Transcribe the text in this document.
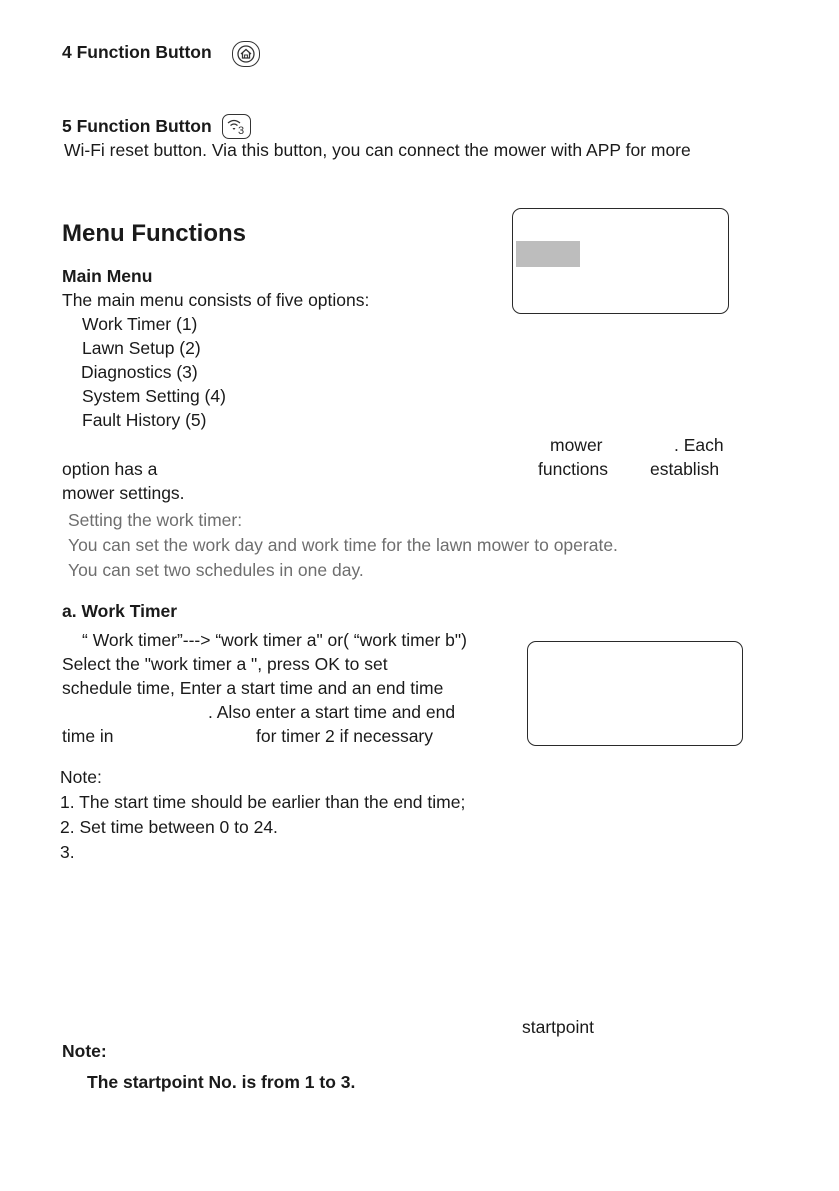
4 Function Button
5 Function Button 3
Wi-Fi reset button. Via this button, you can connect the mower with APP for more
Menu Functions
Main Menu
The main menu consists of five options:
Work Timer (1)
Lawn Setup (2)
Diagnostics (3)
System Setting (4)
Fault History (5)
mower	. Each
option has a	functions establish
mower settings.
Setting the work timer:
You can set the work day and work time for the lawn mower to operate.
You can set two schedules in one day.
a. Work Timer
“ Work timer”---> “work timer a" or( “work timer b")
Select the "work timer a ", press OK to set
schedule time, Enter a start time and an end time
. Also enter a start time and end
time in	for timer 2 if necessary
Note:
1. The start time should be earlier than the end time;
2. Set time between 0 to 24.
3.
startpoint
Note:
The startpoint No. is from 1 to 3.
